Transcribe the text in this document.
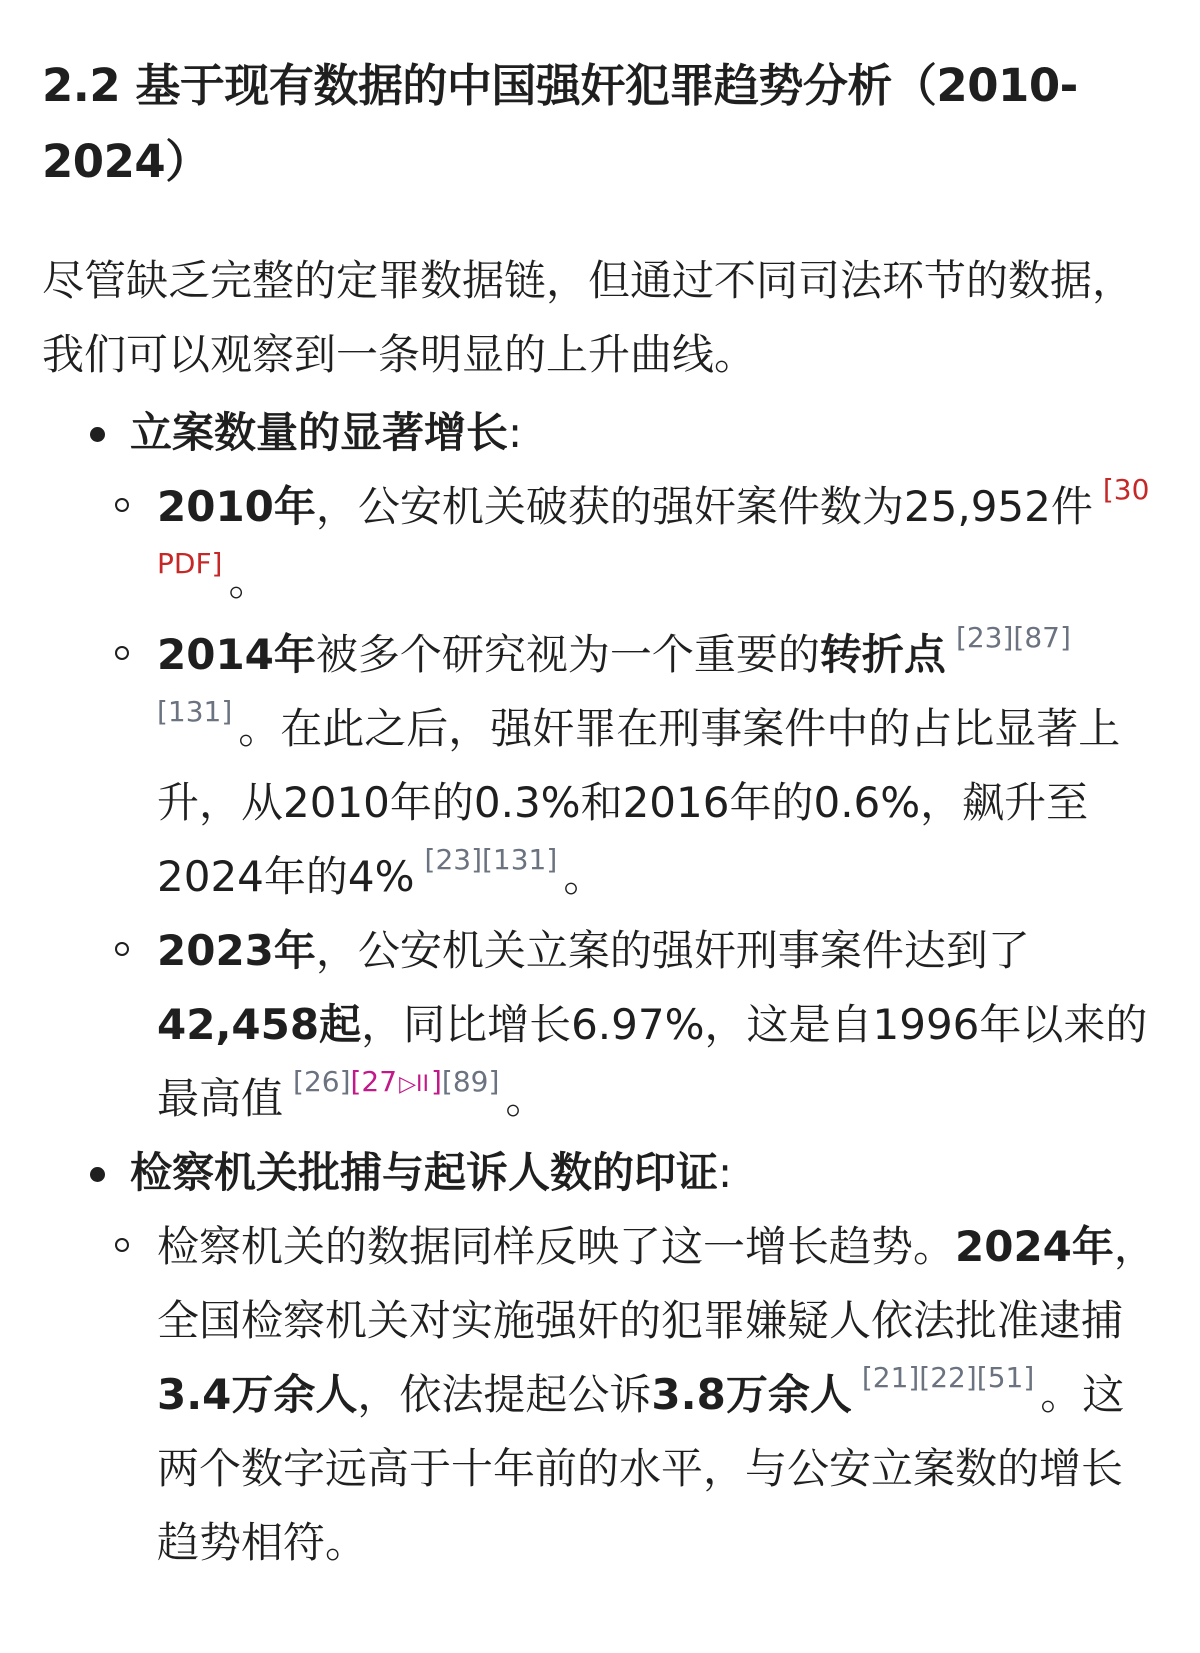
2.2 基于现有数据的中国强奸犯罪趋势分析（2010-2024）
尽管缺乏完整的定罪数据链，但通过不同司法环节的数据，我们可以观察到一条明显的上升曲线。
立案数量的显著增长:
2010年，公安机关破获的强奸案件数为25,952件 [30 PDF] 。
2014年被多个研究视为一个重要的转折点 [23][87][131] 。在此之后，强奸罪在刑事案件中的占比显著上升，从2010年的0.3%和2016年的0.6%，飙升至2024年的4% [23][131] 。
2023年，公安机关立案的强奸刑事案件达到了42,458起，同比增长6.97%，这是自1996年以来的最高值 [26][27▷II][89] 。
检察机关批捕与起诉人数的印证:
检察机关的数据同样反映了这一增长趋势。2024年，全国检察机关对实施强奸的犯罪嫌疑人依法批准逮捕3.4万余人，依法提起公诉3.8万余人 [21][22][51] 。这两个数字远高于十年前的水平，与公安立案数的增长趋势相符。
